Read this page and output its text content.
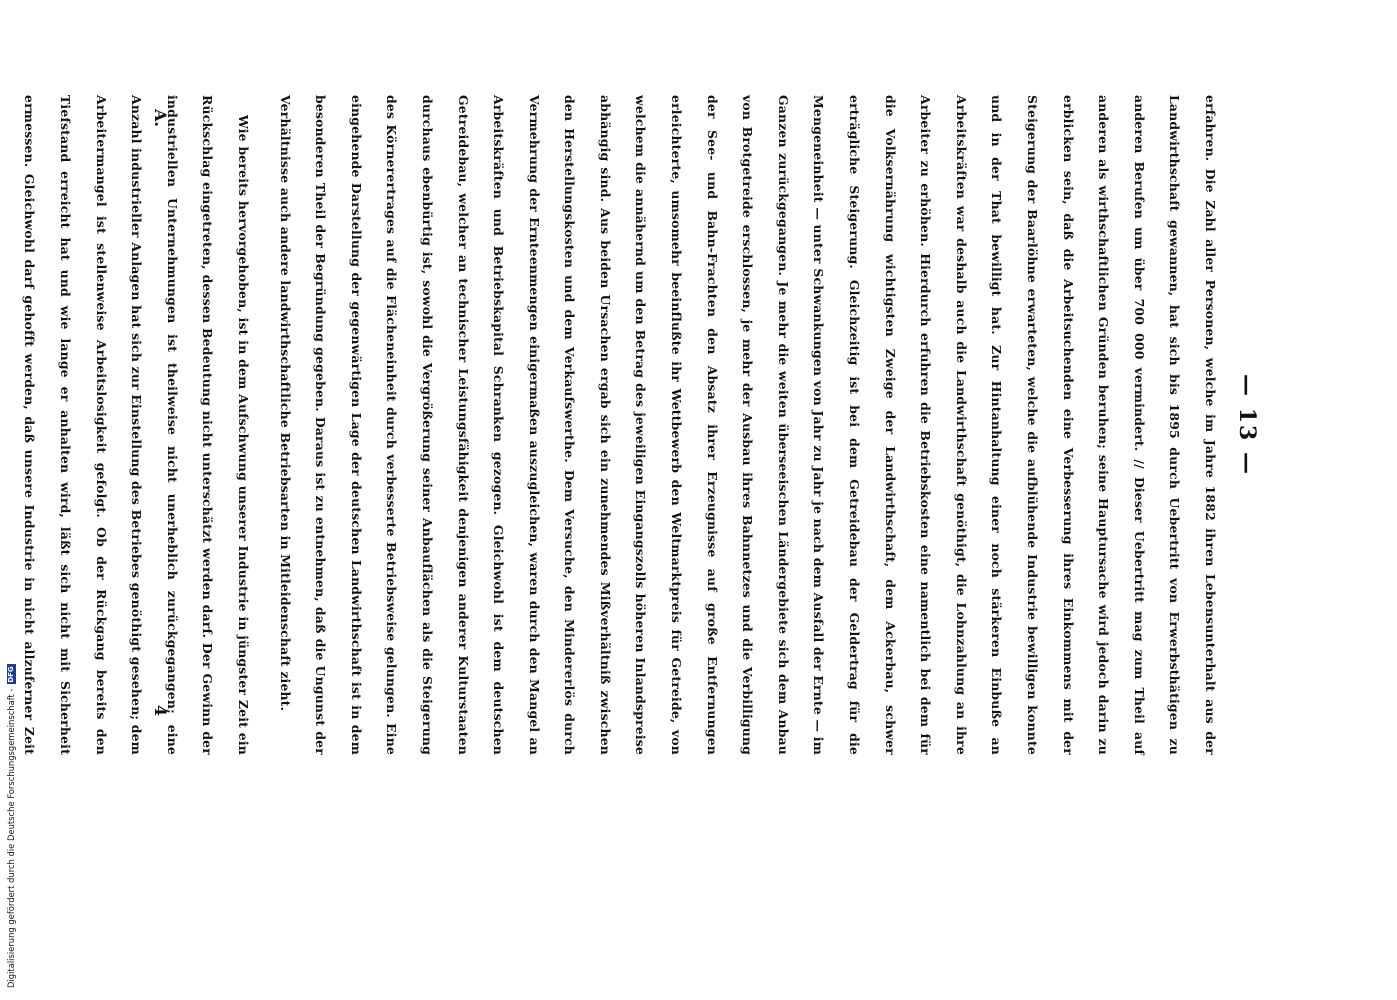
— 13 —

erfahren. Die Zahl aller Personen, welche im Jahre 1882 ihren Lebensunterhalt aus der Landwirthschaft gewannen, hat sich bis 1895 durch Uebertritt von Erwerbsthätigen zu anderen Berufen um über 700 000 vermindert. // Dieser Uebertritt mag zum Theil auf anderen als wirthschaftlichen Gründen beruhen; seine Hauptursache wird jedoch darin zu erblicken sein, daß die Arbeitsuchenden eine Verbesserung ihres Einkommens mit der Steigerung der Baarlöhne erwarteten, welche die aufblühende Industrie bewilligen konnte und in der That bewilligt hat. Zur Hintanhaltung einer noch stärkeren Einbuße an Arbeitskräften war deshalb auch die Landwirthschaft genöthigt, die Lohnzahlung an ihre Arbeiter zu erhöhen. Hierdurch erfuhren die Betriebskosten eine namentlich bei dem für die Volksernährung wichtigsten Zweige der Landwirthschaft, dem Ackerbau, schwer erträgliche Steigerung. Gleichzeitig ist bei dem Getreidebau der Geldertrag für die Mengeneinheit — unter Schwankungen von Jahr zu Jahr je nach dem Ausfall der Ernte — im Ganzen zurückgegangen. Je mehr die weiten überseeischen Ländergebiete sich dem Anbau von Brotgetreide erschlossen, je mehr der Ausbau ihres Bahnnetzes und die Verbilligung der See- und Bahn-Frachten den Absatz ihrer Erzeugnisse auf große Entfernungen erleichterte, umsomehr beeinflußte ihr Wettbewerb den Weltmarktpreis für Getreide, von welchem die annähernd um den Betrag des jeweiligen Eingangszolls höheren Inlandspreise abhängig sind. Aus beiden Ursachen ergab sich ein zunehmendes Mißverhältniß zwischen den Herstellungskosten und dem Verkaufswerthe. Dem Versuche, den Mindererlös durch Vermehrung der Ernteenmengen einigermaßen auszugleichen, waren durch den Mangel an Arbeitskräften und Betriebskapital Schranken gezogen. Gleichwohl ist dem deutschen Getreidebau, welcher an technischer Leistungsfähigkeit denjenigen anderer Kulturstaaten durchaus ebenbürtig ist, sowohl die Vergrößerung seiner Anbauflächen als die Steigerung des Körnerertrages auf die Flächeneinheit durch verbesserte Betriebsweise gelungen. Eine eingehende Darstellung der gegenwärtigen Lage der deutschen Landwirthschaft ist in dem besonderen Theil der Begründung gegeben. Daraus ist zu entnehmen, daß die Ungunst der Verhältnisse auch andere landwirthschaftliche Betriebsarten in Mitleidenschaft zieht.

Wie bereits hervorgehoben, ist in dem Aufschwung unserer Industrie in jüngster Zeit ein Rückschlag eingetreten, dessen Bedeutung nicht unterschätzt werden darf. Der Gewinn der industriellen Unternehmungen ist theilweise nicht unerheblich zurückgegangen; eine Anzahl industrieller Anlagen hat sich zur Einstellung des Betriebes genöthigt gesehen; dem Arbeitermangel ist stellenweise Arbeitslosigkeit gefolgt. Ob der Rückgang bereits den Tiefstand erreicht hat und wie lange er anhalten wird, läßt sich nicht mit Sicherheit ermessen. Gleichwohl darf gehofft werden, daß unsere Industrie in nicht allzuferner Zeit

A.
4
Digitalisierung gefördert durch die Deutsche Forschungsgemeinschaft -
DFG
